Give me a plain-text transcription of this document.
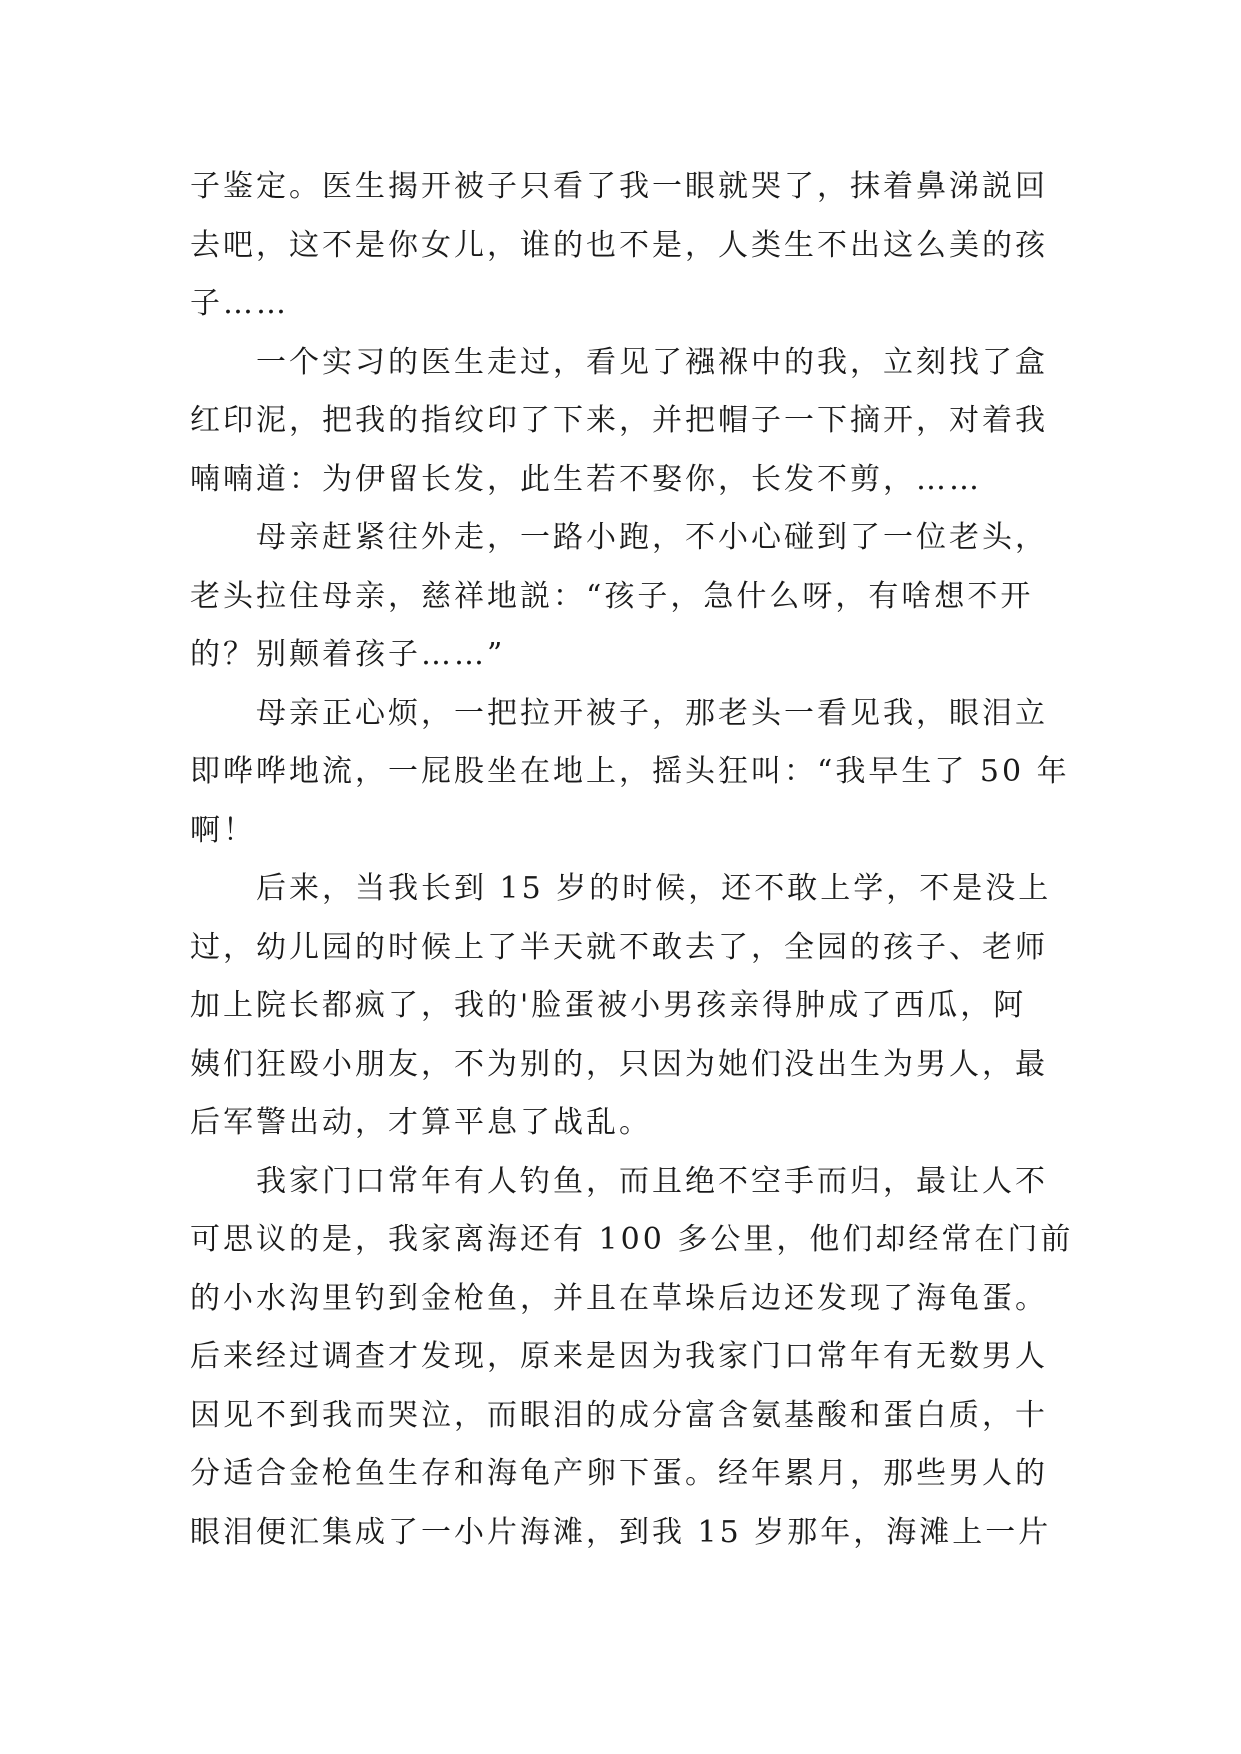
子鉴定。医生揭开被子只看了我一眼就哭了，抹着鼻涕説回
去吧，这不是你女儿，谁的也不是，人类生不出这么美的孩
子……
一个实习的医生走过，看见了襁褓中的我，立刻找了盒
红印泥，把我的指纹印了下来，并把帽子一下摘开，对着我
喃喃道：为伊留长发，此生若不娶你，长发不剪，……
母亲赶紧往外走，一路小跑，不小心碰到了一位老头，
老头拉住母亲，慈祥地説：“孩子，急什么呀，有啥想不开
的？别颠着孩子……”
母亲正心烦，一把拉开被子，那老头一看见我，眼泪立
即哗哗地流，一屁股坐在地上，摇头狂叫：“我早生了 50 年
啊！
后来，当我长到 15 岁的时候，还不敢上学，不是没上
过，幼儿园的时候上了半天就不敢去了，全园的孩子、老师
加上院长都疯了，我的'脸蛋被小男孩亲得肿成了西瓜，阿
姨们狂殴小朋友，不为别的，只因为她们没出生为男人，最
后军警出动，才算平息了战乱。
我家门口常年有人钓鱼，而且绝不空手而归，最让人不
可思议的是，我家离海还有 100 多公里，他们却经常在门前
的小水沟里钓到金枪鱼，并且在草垛后边还发现了海龟蛋。
后来经过调查才发现，原来是因为我家门口常年有无数男人
因见不到我而哭泣，而眼泪的成分富含氨基酸和蛋白质，十
分适合金枪鱼生存和海龟产卵下蛋。经年累月，那些男人的
眼泪便汇集成了一小片海滩，到我 15 岁那年，海滩上一片
